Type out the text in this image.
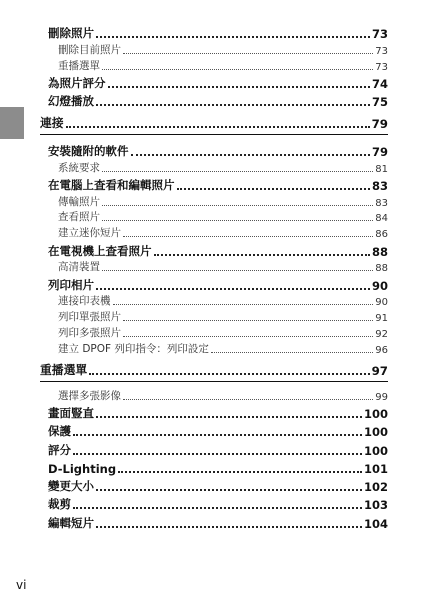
刪除照片	73
刪除目前照片	73
重播選單	73
為照片評分	74
幻燈播放	75
連接	79
安裝隨附的軟件	79
系統要求	81
在電腦上查看和編輯照片	83
傳輸照片	83
查看照片	84
建立迷你短片	86
在電視機上查看照片	88
高清裝置	88
列印相片	90
連接印表機	90
列印單張照片	91
列印多張照片	92
建立 DPOF 列印指令：列印設定	96
重播選單	97
選擇多張影像	99
畫面豎直	100
保護	100
評分	100
D-Lighting	101
變更大小	102
裁剪	103
編輯短片	104
vi
